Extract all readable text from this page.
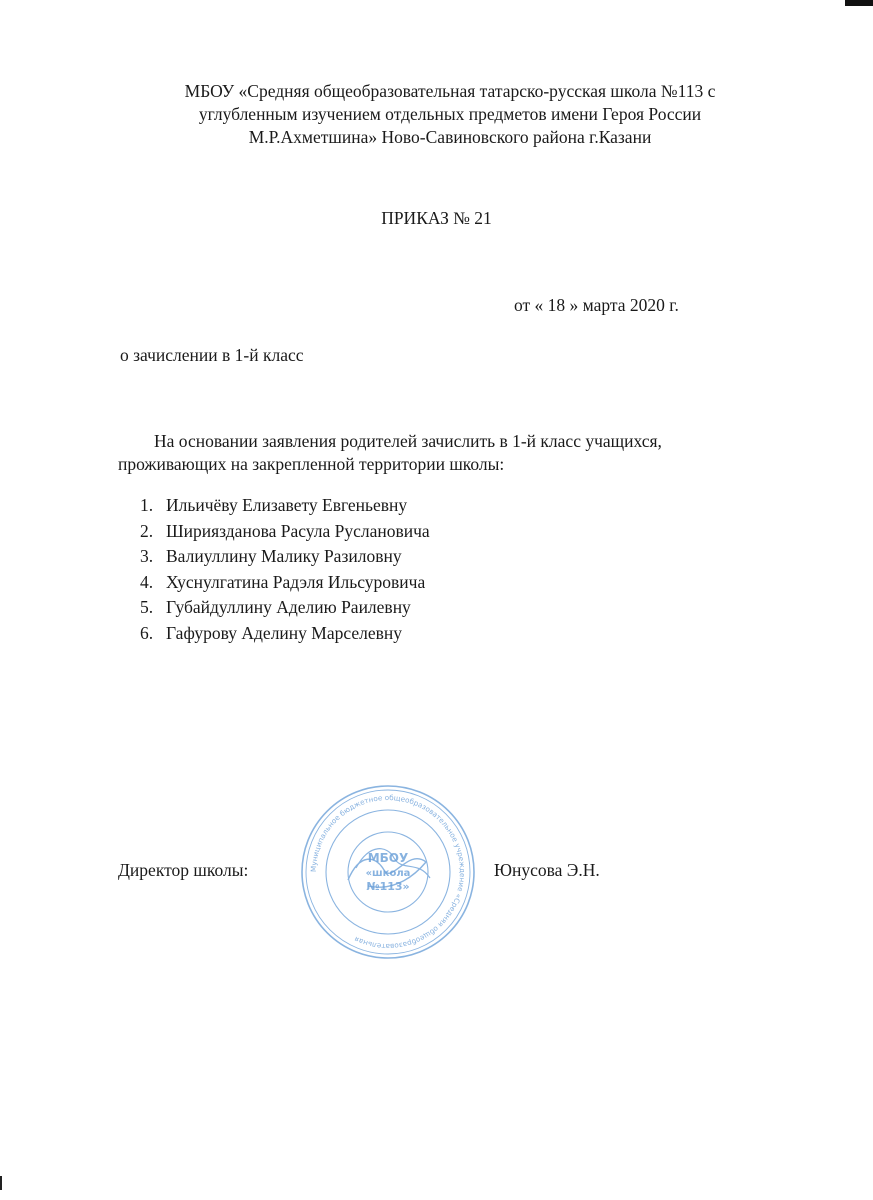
МБОУ «Средняя общеобразовательная татарско-русская школа №113 с
углубленным изучением отдельных предметов имени Героя России
М.Р.Ахметшина» Ново-Савиновского района г.Казани
ПРИКАЗ № 21
от « 18 » марта 2020 г.
о зачислении в 1-й класс
На основании заявления родителей зачислить в 1-й класс учащихся,
проживающих на закрепленной территории школы:
1. Ильичёву Елизавету Евгеньевну
2. Шириязданова Расула Руслановича
3. Валиуллину Малику Разиловну
4. Хуснулгатина Радэля Ильсуровича
5. Губайдуллину Аделию Раилевну
6. Гафурову Аделину Марселевну
Директор школы:	Муниципальное бюджетное общеобразовательное учреждение «Средняя общеобразовательная
МБОУ
«школа
№113»
Юнусова Э.Н.
